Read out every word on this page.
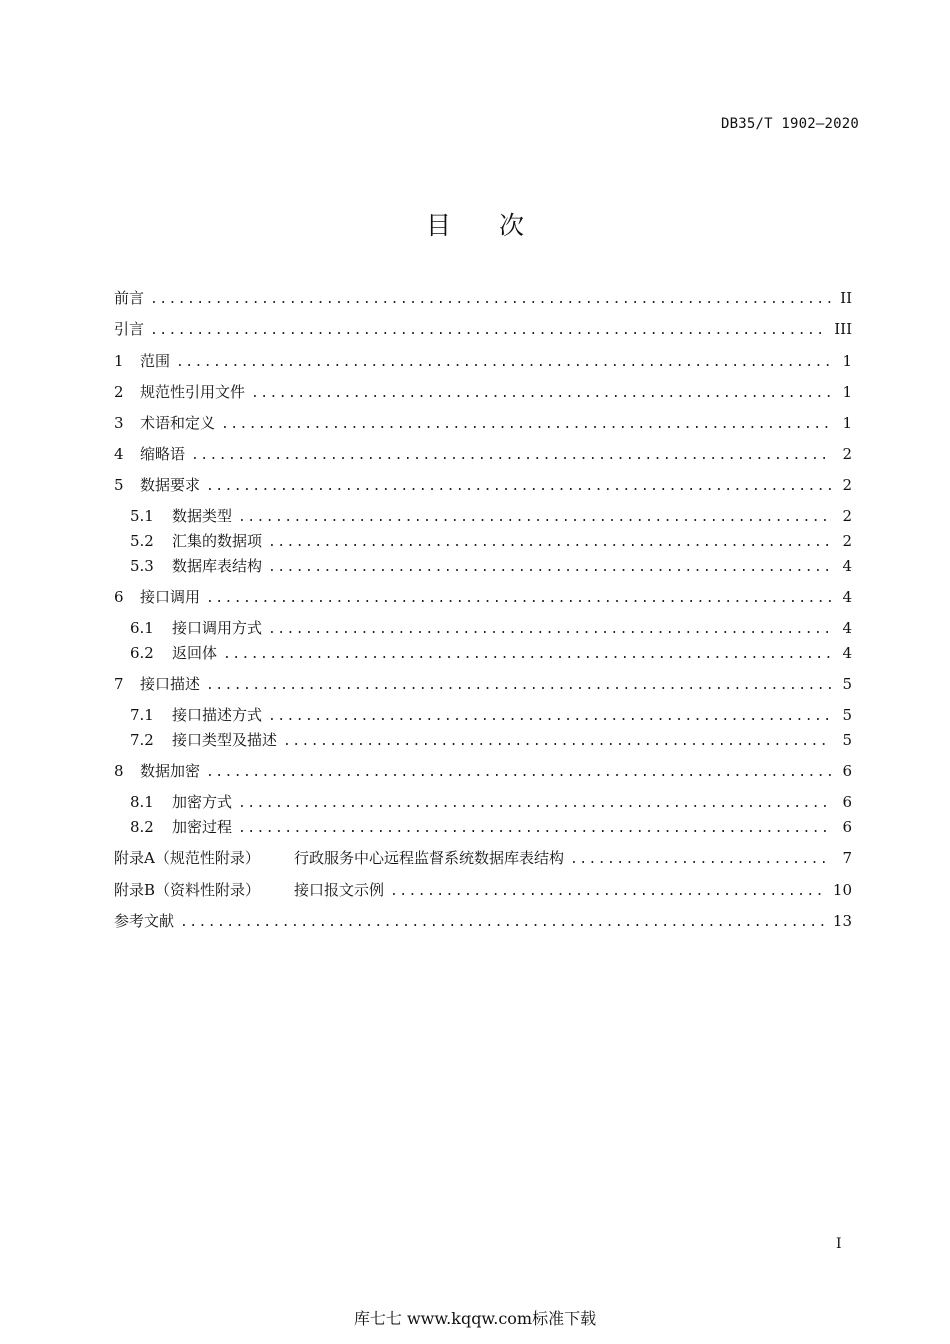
DB35/T 1902—2020
目次
前言 . . .	II
引言 . . .	III
1	范围 . . .	1
2	规范性引用文件 . . .	1
3	术语和定义 . . .	1
4	缩略语 . . .	2
5	数据要求 . . .	2
5.1	数据类型 . . .	2
5.2	汇集的数据项 . . .	2
5.3	数据库表结构 . . .	4
6	接口调用 . . .	4
6.1	接口调用方式 . . .	4
6.2	返回体 . . .	4
7	接口描述 . . .	5
7.1	接口描述方式 . . .	5
7.2	接口类型及描述 . . .	5
8	数据加密 . . .	6
8.1	加密方式 . . .	6
8.2	加密过程 . . .	6
附录A（规范性附录）	行政服务中心远程监督系统数据库表结构 . . .	7
附录B（资料性附录）	接口报文示例 . . .	10
参考文献 . . .	13
I
库七七 www.kqqw.com标准下载
